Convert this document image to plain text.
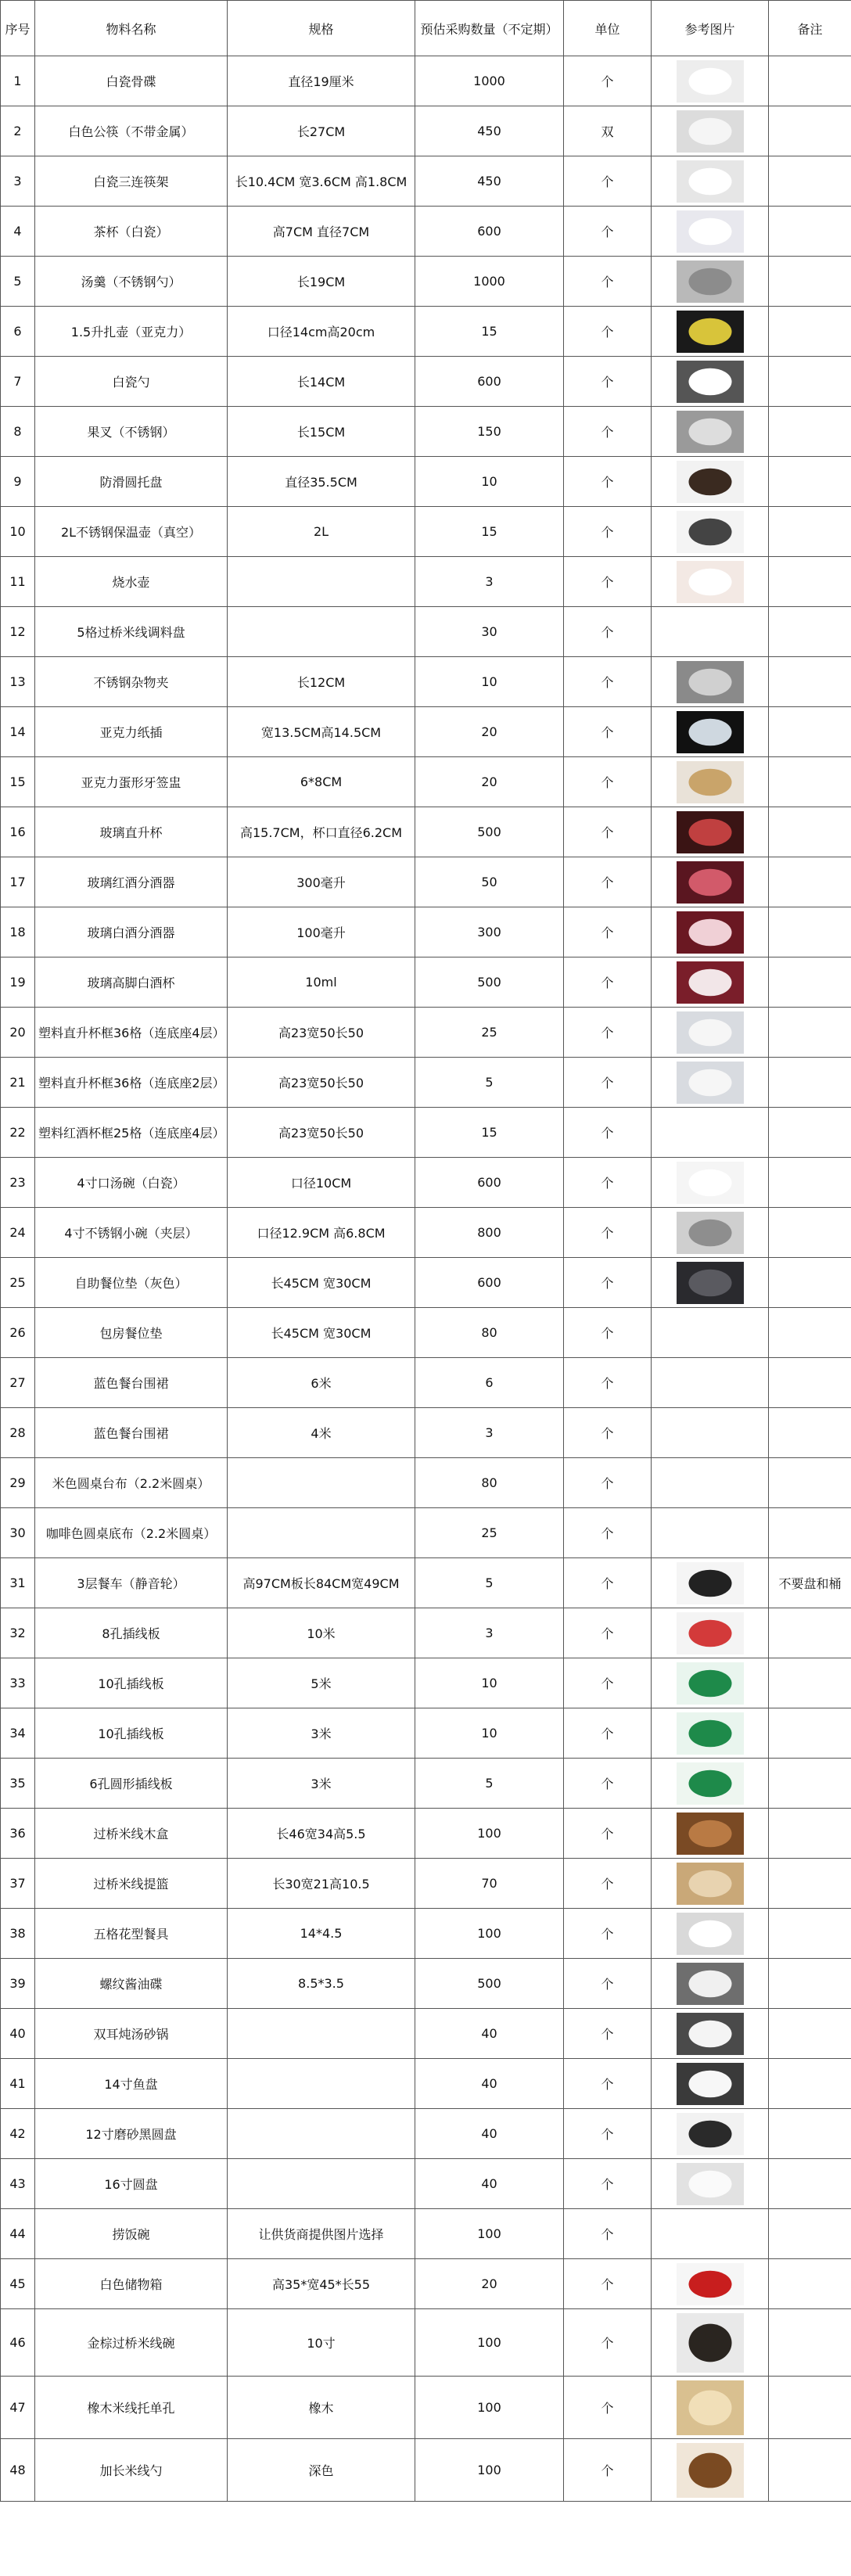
序号	物料名称	规格	预估采购数量（不定期）	单位	参考图片	备注
1	白瓷骨碟	直径19厘米	1000	个	

2	白色公筷（不带金属）	长27CM	450	双	

3	白瓷三连筷架	长10.4CM 宽3.6CM 高1.8CM	450	个	

4	茶杯（白瓷）	高7CM 直径7CM	600	个	

5	汤羹（不锈钢勺）	长19CM	1000	个	

6	1.5升扎壶（亚克力）	口径14cm高20cm	15	个	

7	白瓷勺	长14CM	600	个	

8	果叉（不锈钢）	长15CM	150	个	

9	防滑圆托盘	直径35.5CM	10	个	

10	2L不锈钢保温壶（真空）	2L	15	个	

11	烧水壶		3	个	

12	5格过桥米线调料盘		30	个		
13	不锈钢杂物夹	长12CM	10	个	

14	亚克力纸插	宽13.5CM高14.5CM	20	个	

15	亚克力蛋形牙签盅	6*8CM	20	个	

16	玻璃直升杯	高15.7CM，杯口直径6.2CM	500	个	

17	玻璃红酒分酒器	300毫升	50	个	

18	玻璃白酒分酒器	100毫升	300	个	

19	玻璃高脚白酒杯	10ml	500	个	

20	塑料直升杯框36格（连底座4层）	高23宽50长50	25	个	

21	塑料直升杯框36格（连底座2层）	高23宽50长50	5	个	

22	塑料红酒杯框25格（连底座4层）	高23宽50长50	15	个		
23	4寸口汤碗（白瓷）	口径10CM	600	个	

24	4寸不锈钢小碗（夹层）	口径12.9CM 高6.8CM	800	个	

25	自助餐位垫（灰色）	长45CM 宽30CM	600	个	

26	包房餐位垫	长45CM 宽30CM	80	个		
27	蓝色餐台围裙	6米	6	个		
28	蓝色餐台围裙	4米	3	个		
29	米色圆桌台布（2.2米圆桌）		80	个		
30	咖啡色圆桌底布（2.2米圆桌）		25	个		
31	3层餐车（静音轮）	高97CM板长84CM宽49CM	5	个		不要盘和桶
32	8孔插线板	10米	3	个	

33	10孔插线板	5米	10	个	

34	10孔插线板	3米	10	个	

35	6孔圆形插线板	3米	5	个	

36	过桥米线木盒	长46宽34高5.5	100	个	

37	过桥米线提篮	长30宽21高10.5	70	个	

38	五格花型餐具	14*4.5	100	个	

39	螺纹酱油碟	8.5*3.5	500	个	

40	双耳炖汤砂锅		40	个	

41	14寸鱼盘		40	个	

42	12寸磨砂黑圆盘		40	个	

43	16寸圆盘		40	个	

44	捞饭碗	让供货商提供图片选择	100	个		
45	白色储物箱	高35*宽45*长55	20	个	

46	金棕过桥米线碗	10寸	100	个	

47	橡木米线托单孔	橡木	100	个	

48	加长米线勺	深色	100	个	
